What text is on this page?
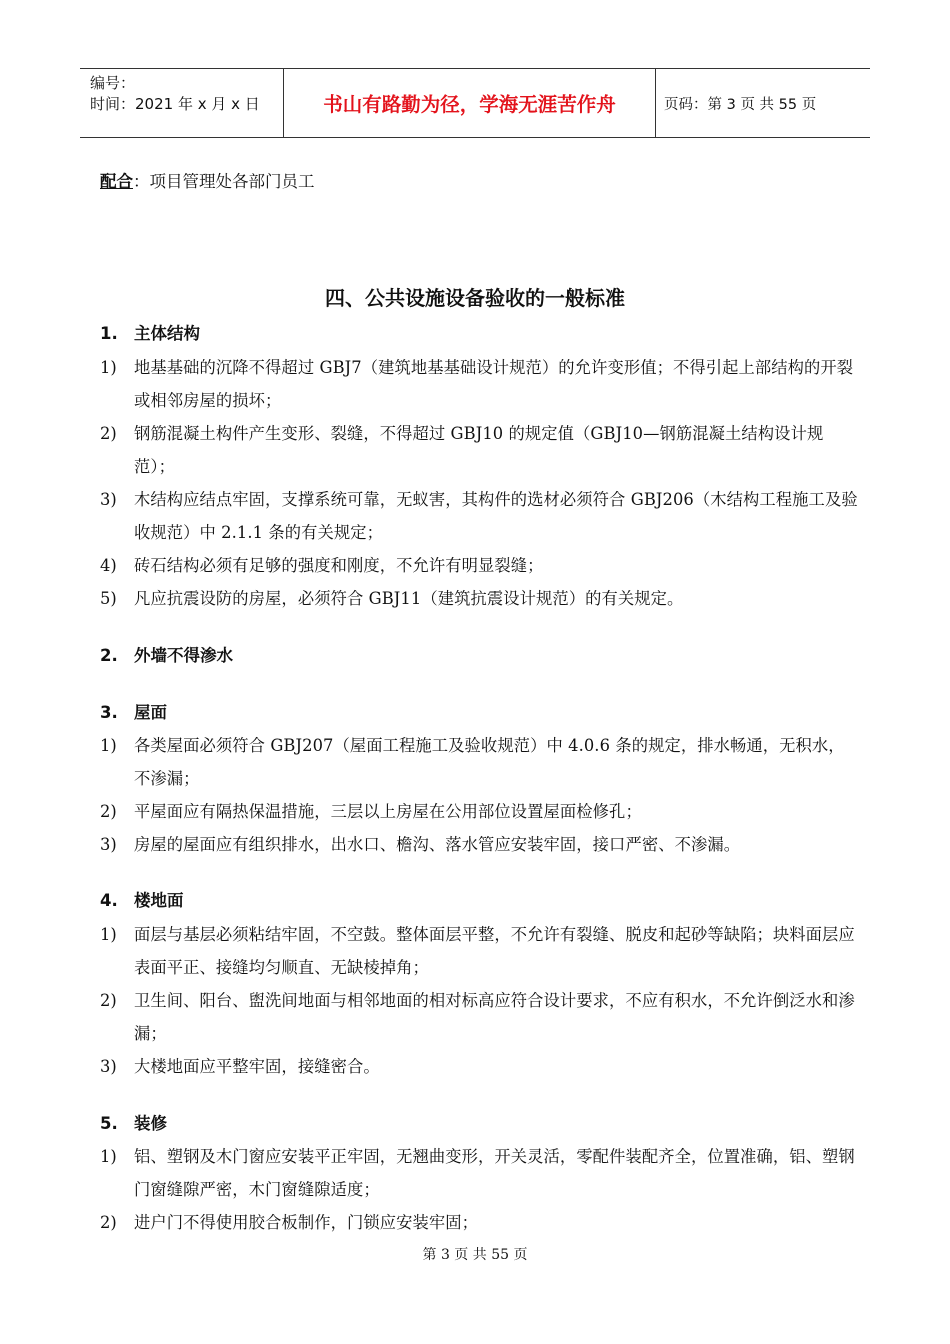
编号：
时间：2021 年 x 月 x 日	书山有路勤为径，学海无涯苦作舟	页码：第 3 页 共 55 页
配合：项目管理处各部门员工
四、公共设施设备验收的一般标准
1. 主体结构
1)	地基基础的沉降不得超过 GBJ7（建筑地基基础设计规范）的允许变形值；不得引起上部结构的开裂或相邻房屋的损坏；
2)	钢筋混凝土构件产生变形、裂缝，不得超过 GBJ10 的规定值（GBJ10—钢筋混凝土结构设计规范）；
3)	木结构应结点牢固，支撑系统可靠，无蚁害，其构件的选材必须符合 GBJ206（木结构工程施工及验收规范）中 2.1.1 条的有关规定；
4)	砖石结构必须有足够的强度和刚度，不允许有明显裂缝；
5)	凡应抗震设防的房屋，必须符合 GBJ11（建筑抗震设计规范）的有关规定。
2. 外墙不得渗水
3. 屋面
1)	各类屋面必须符合 GBJ207（屋面工程施工及验收规范）中 4.0.6 条的规定，排水畅通，无积水，不渗漏；
2)	平屋面应有隔热保温措施，三层以上房屋在公用部位设置屋面检修孔；
3)	房屋的屋面应有组织排水，出水口、檐沟、落水管应安装牢固，接口严密、不渗漏。
4. 楼地面
1)	面层与基层必须粘结牢固，不空鼓。整体面层平整，不允许有裂缝、脱皮和起砂等缺陷；块料面层应表面平正、接缝均匀顺直、无缺棱掉角；
2)	卫生间、阳台、盥洗间地面与相邻地面的相对标高应符合设计要求，不应有积水，不允许倒泛水和渗漏；
3)	大楼地面应平整牢固，接缝密合。
5. 装修
1)	铝、塑钢及木门窗应安装平正牢固，无翘曲变形，开关灵活，零配件装配齐全，位置准确，铝、塑钢门窗缝隙严密，木门窗缝隙适度；
2)	进户门不得使用胶合板制作，门锁应安装牢固；
第 3 页 共 55 页
